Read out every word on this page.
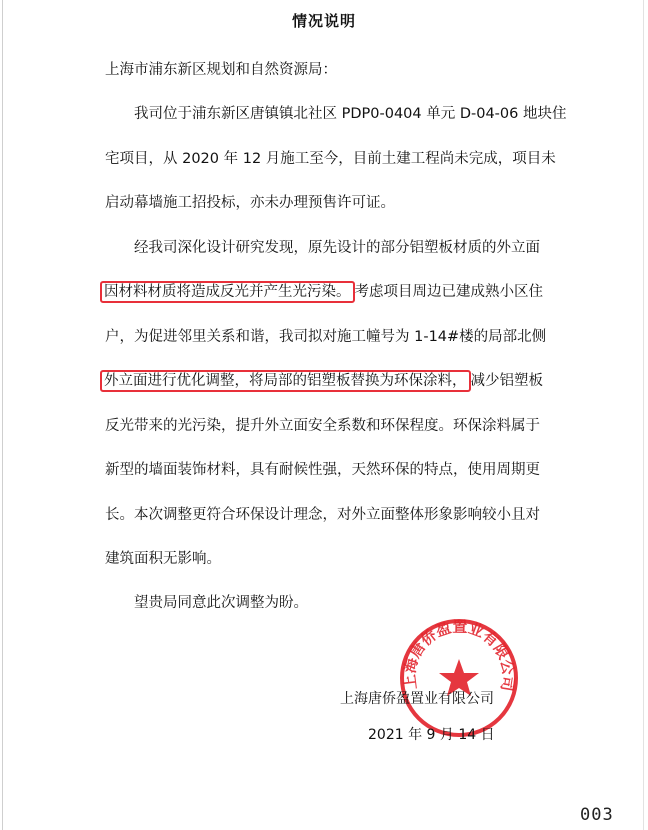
情况说明
上海市浦东新区规划和自然资源局：
我司位于浦东新区唐镇镇北社区 PDP0-0404 单元 D-04-06 地块住
宅项目，从 2020 年 12 月施工至今，目前土建工程尚未完成，项目未
启动幕墙施工招投标，亦未办理预售许可证。
经我司深化设计研究发现，原先设计的部分铝塑板材质的外立面
因材料材质将造成反光并产生光污染。 考虑项目周边已建成熟小区住
户，为促进邻里关系和谐，我司拟对施工幢号为 1-14#楼的局部北侧
外立面进行优化调整，将局部的铝塑板替换为环保涂料， 减少铝塑板
反光带来的光污染，提升外立面安全系数和环保程度。环保涂料属于
新型的墙面装饰材料，具有耐候性强，天然环保的特点，使用周期更
长。本次调整更符合环保设计理念，对外立面整体形象影响较小且对
建筑面积无影响。
望贵局同意此次调整为盼。
上海唐侨盈置业有限公司
上海唐侨盈置业有限公司
2021 年 9 月 14 日
003
